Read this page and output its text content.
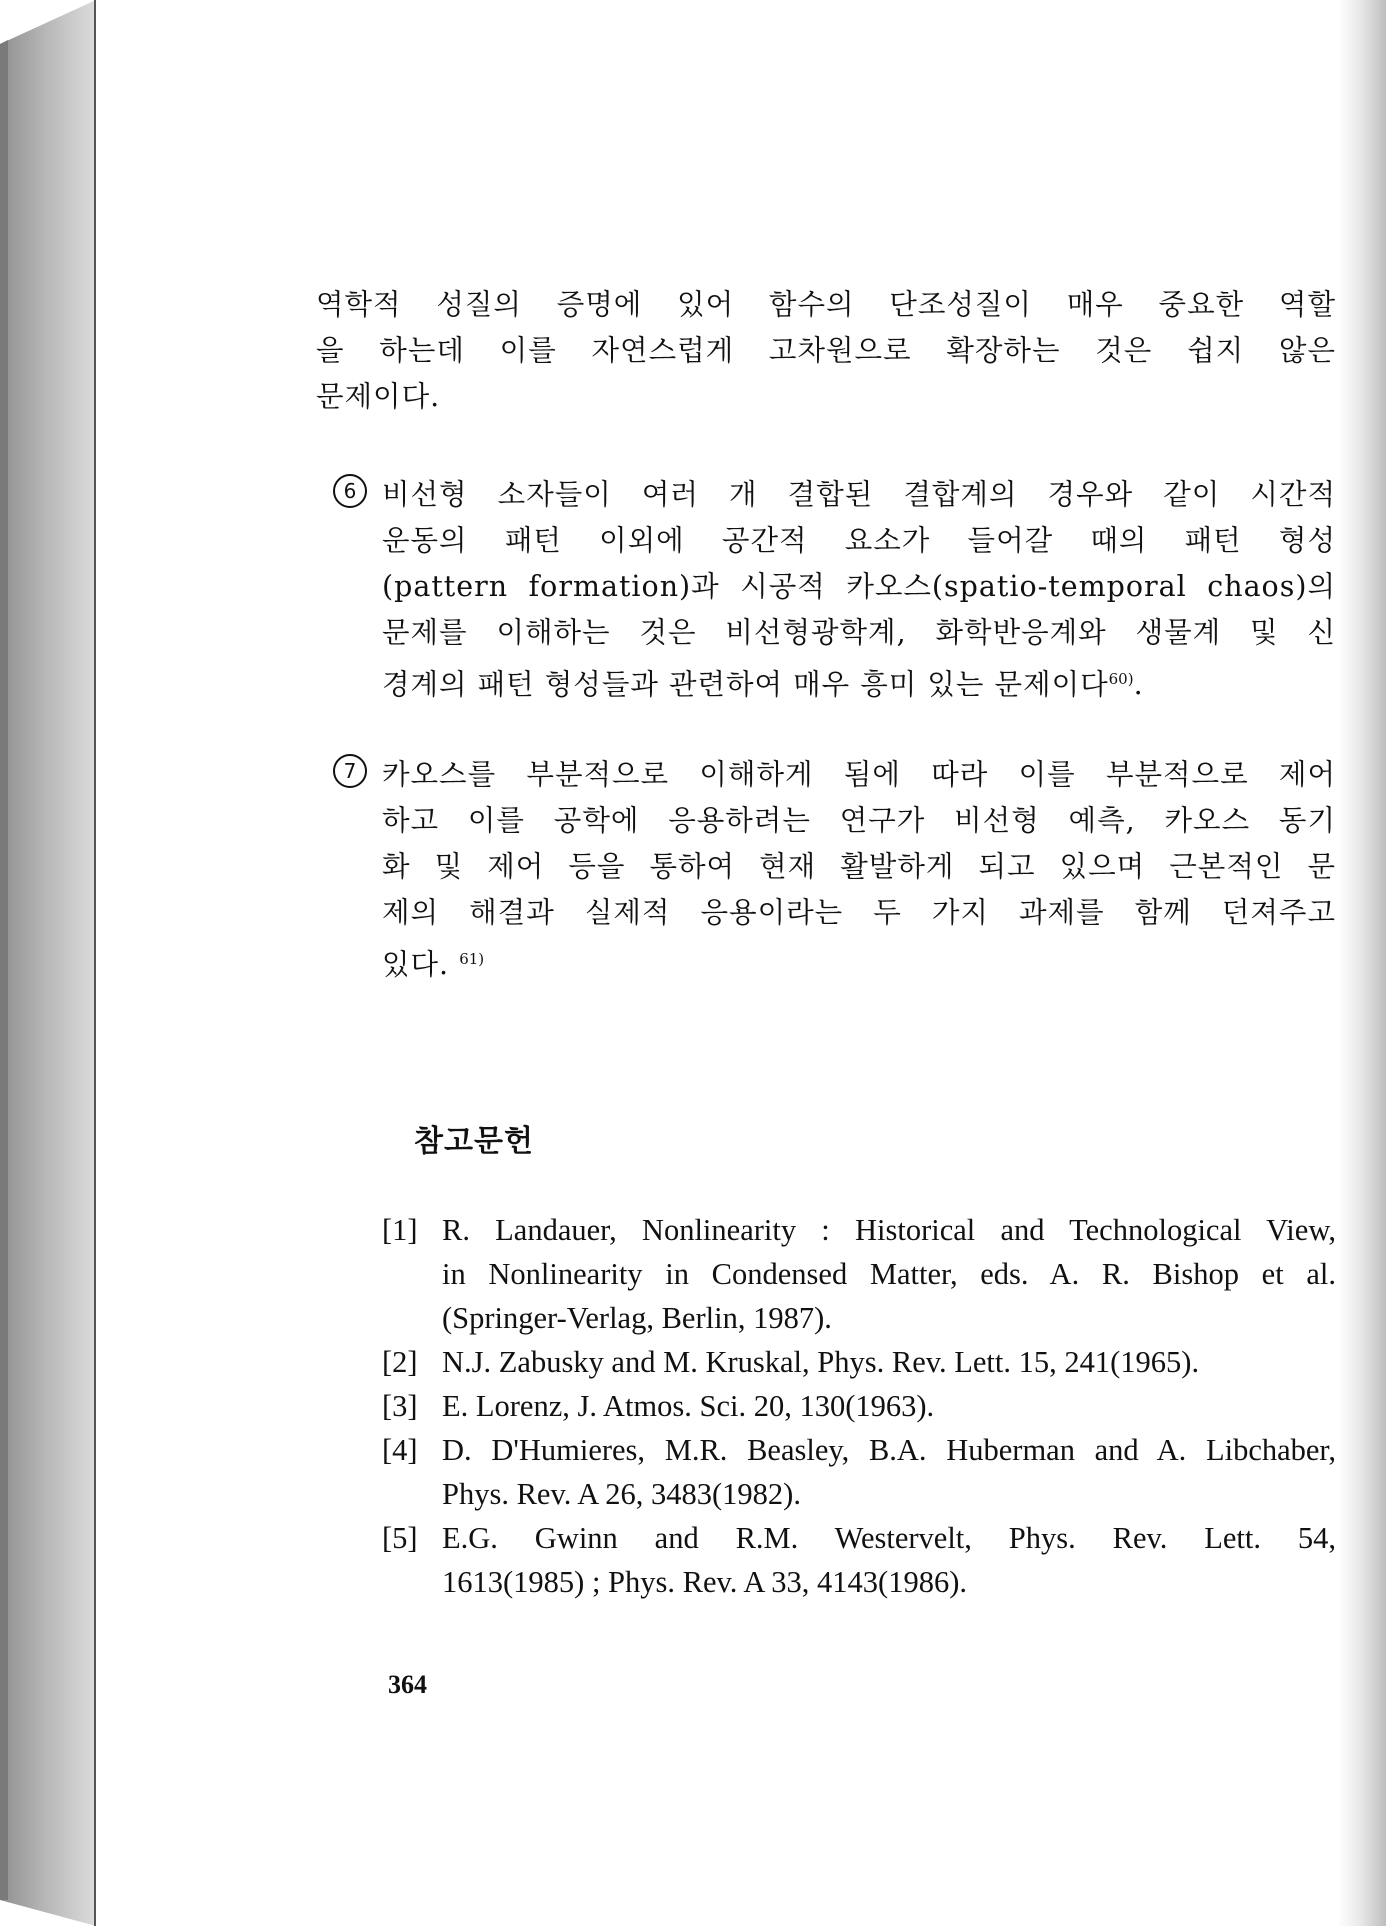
역학적 성질의 증명에 있어 함수의 단조성질이 매우 중요한 역할
을 하는데 이를 자연스럽게 고차원으로 확장하는 것은 쉽지 않은
문제이다.
6 비선형 소자들이 여러 개 결합된 결합계의 경우와 같이 시간적
운동의 패턴 이외에 공간적 요소가 들어갈 때의 패턴 형성
(pattern formation)과 시공적 카오스(spatio-temporal chaos)의
문제를 이해하는 것은 비선형광학계, 화학반응계와 생물계 및 신
경계의 패턴 형성들과 관련하여 매우 흥미 있는 문제이다$^{60)}$.
7 카오스를 부분적으로 이해하게 됨에 따라 이를 부분적으로 제어
하고 이를 공학에 응용하려는 연구가 비선형 예측, 카오스 동기
화 및 제어 등을 통하여 현재 활발하게 되고 있으며 근본적인 문
제의 해결과 실제적 응용이라는 두 가지 과제를 함께 던져주고
있다. $^{61)}$
참고문헌
[1] R. Landauer, Nonlinearity : Historical and Technological View,
in Nonlinearity in Condensed Matter, eds. A. R. Bishop et al.
(Springer-Verlag, Berlin, 1987).
[2] N.J. Zabusky and M. Kruskal, Phys. Rev. Lett. 15, 241(1965).
[3] E. Lorenz, J. Atmos. Sci. 20, 130(1963).
[4] D. D'Humieres, M.R. Beasley, B.A. Huberman and A. Libchaber,
Phys. Rev. A 26, 3483(1982).
[5] E.G. Gwinn and R.M. Westervelt, Phys. Rev. Lett. 54,
1613(1985) ; Phys. Rev. A 33, 4143(1986).
364
